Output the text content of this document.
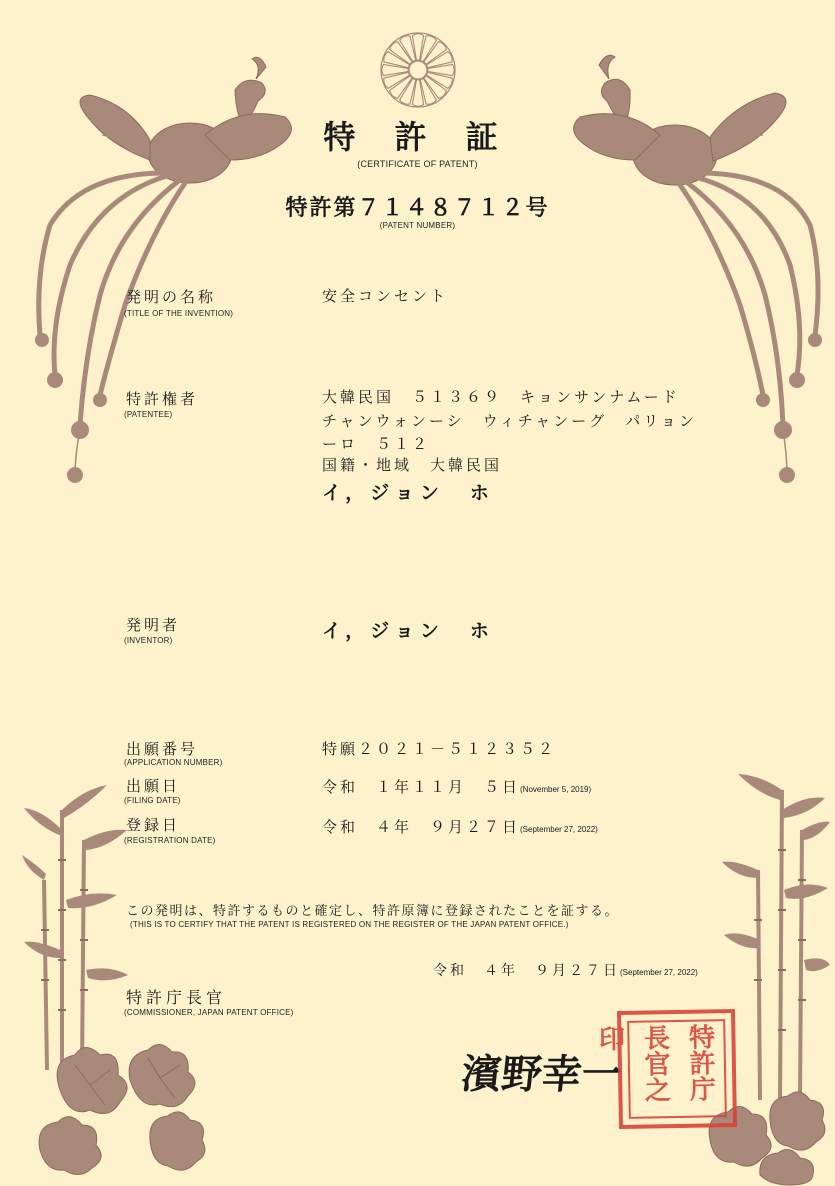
特 許 証
(CERTIFICATE OF PATENT)
特許第７１４８７１２号
(PATENT NUMBER)
発明の名称
(TITLE OF THE INVENTION)
安全コンセント
特許権者
(PATENTEE)
大韓民国　５１３６９　キョンサンナムード
チャンウォンーシ　ウィチャンーグ　パリョン
ーロ　５１２
国籍・地域　大韓民国
イ，ジョン　ホ
発明者
(INVENTOR)	イ，ジョン　ホ
出願番号
(APPLICATION NUMBER)
特願２０２１－５１２３５２
出願日
(FILING DATE)
令和　１年１１月　５日(November 5, 2019)
登録日
(REGISTRATION DATE)
令和　４年　９月２７日(September 27, 2022)
この発明は、特許するものと確定し、特許原簿に登録されたことを証する。
(THIS IS TO CERTIFY THAT THE PATENT IS REGISTERED ON THE REGISTER OF THE JAPAN PATENT OFFICE.)
令和　４年　９月２７日(September 27, 2022)
特許庁長官
(COMMISSIONER, JAPAN PATENT OFFICE)
濱野幸一	特許庁長官之印
